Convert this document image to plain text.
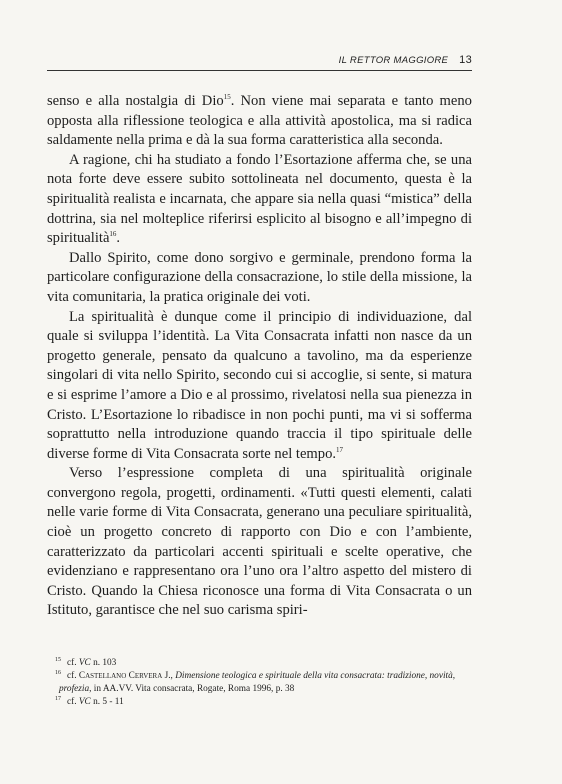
IL RETTOR MAGGIORE 13

senso e alla nostalgia di Dio$^{15}$. Non viene mai separata e tanto meno opposta alla riflessione teologica e alla attività apostolica, ma si radica saldamente nella prima e dà la sua forma caratteristica alla seconda.

A ragione, chi ha studiato a fondo l’Esortazione afferma che, se una nota forte deve essere subito sottolineata nel documento, questa è la spiritualità realista e incarnata, che appare sia nella quasi “mistica” della dottrina, sia nel molteplice riferirsi esplicito al bisogno e all’impegno di spiritualità$^{16}$.

Dallo Spirito, come dono sorgivo e germinale, prendono forma la particolare configurazione della consacrazione, lo stile della missione, la vita comunitaria, la pratica originale dei voti.

La spiritualità è dunque come il principio di individuazione, dal quale si sviluppa l’identità. La Vita Consacrata infatti non nasce da un progetto generale, pensato da qualcuno a tavolino, ma da esperienze singolari di vita nello Spirito, secondo cui si accoglie, si sente, si matura e si esprime l’amore a Dio e al prossimo, rivelatosi nella sua pienezza in Cristo. L’Esortazione lo ribadisce in non pochi punti, ma vi si sofferma soprattutto nella introduzione quando traccia il tipo spirituale delle diverse forme di Vita Consacrata sorte nel tempo.$^{17}$

Verso l’espressione completa di una spiritualità originale convergono regola, progetti, ordinamenti. «Tutti questi elementi, calati nelle varie forme di Vita Consacrata, generano una peculiare spiritualità, cioè un progetto concreto di rapporto con Dio e con l’ambiente, caratterizzato da particolari accenti spirituali e scelte operative, che evidenziano e rappresentano ora l’uno ora l’altro aspetto del mistero di Cristo. Quando la Chiesa riconosce una forma di Vita Consacrata o un Istituto, garantisce che nel suo carisma spiri-

$^{15}$ cf. VC n. 103

$^{16}$ cf. Castellano Cervera J., Dimensione teologica e spirituale della vita consacrata: tradizione, novità, profezia, in AA.VV. Vita consacrata, Rogate, Roma 1996, p. 38

$^{17}$ cf. VC n. 5 - 11
